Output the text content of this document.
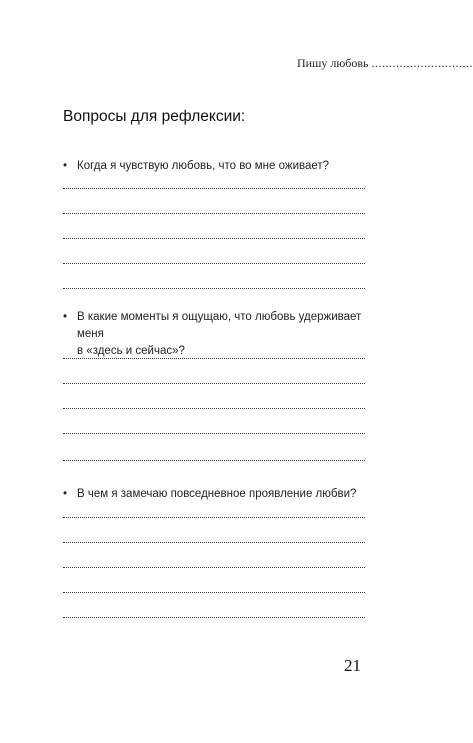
Пишу любовь .............................
Вопросы для рефлексии:
• Когда я чувствую любовь, что во мне оживает?
• В какие моменты я ощущаю, что любовь удерживает меня
в «здесь и сейчас»?
• В чем я замечаю повседневное проявление любви?
21
